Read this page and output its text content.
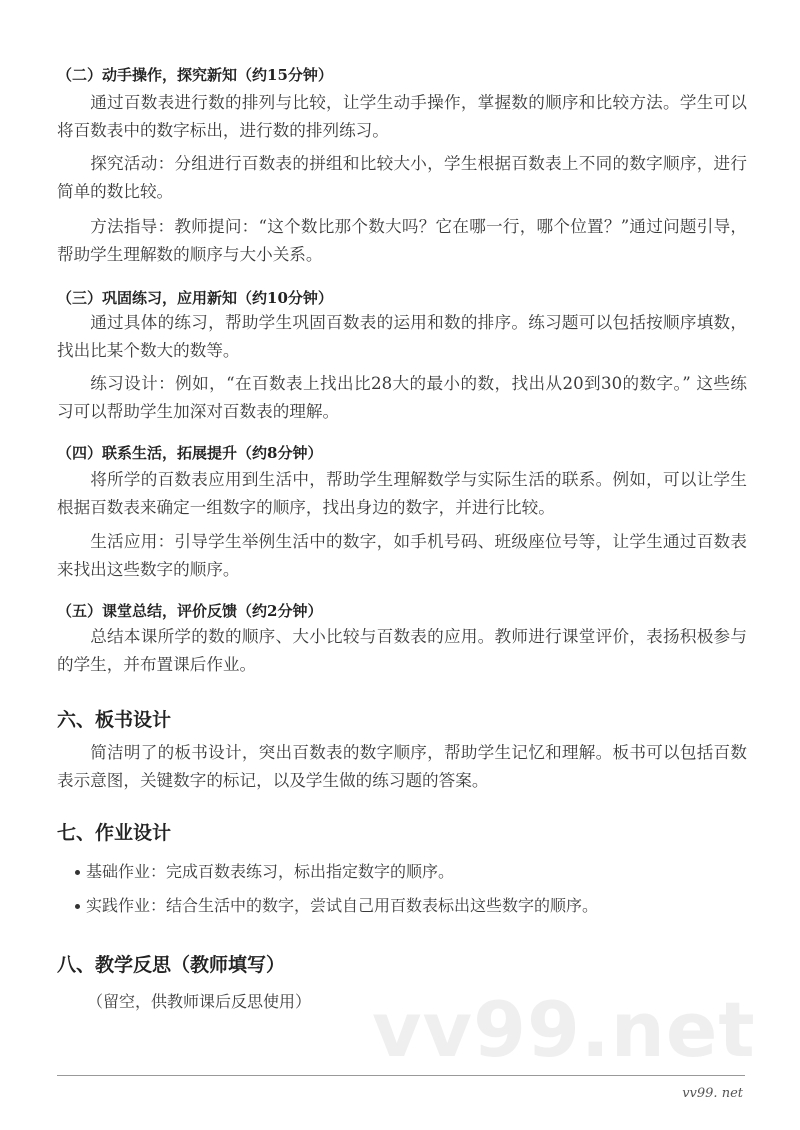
（二）动手操作，探究新知（约15分钟）
通过百数表进行数的排列与比较，让学生动手操作，掌握数的顺序和比较方法。学生可以将百数表中的数字标出，进行数的排列练习。
探究活动：分组进行百数表的拼组和比较大小，学生根据百数表上不同的数字顺序，进行简单的数比较。
方法指导：教师提问：“这个数比那个数大吗？它在哪一行，哪个位置？”通过问题引导，帮助学生理解数的顺序与大小关系。
（三）巩固练习，应用新知（约10分钟）
通过具体的练习，帮助学生巩固百数表的运用和数的排序。练习题可以包括按顺序填数，找出比某个数大的数等。
练习设计：例如，“在百数表上找出比28大的最小的数，找出从20到30的数字。” 这些练习可以帮助学生加深对百数表的理解。
（四）联系生活，拓展提升（约8分钟）
将所学的百数表应用到生活中，帮助学生理解数学与实际生活的联系。例如，可以让学生根据百数表来确定一组数字的顺序，找出身边的数字，并进行比较。
生活应用：引导学生举例生活中的数字，如手机号码、班级座位号等，让学生通过百数表来找出这些数字的顺序。
（五）课堂总结，评价反馈（约2分钟）
总结本课所学的数的顺序、大小比较与百数表的应用。教师进行课堂评价，表扬积极参与的学生，并布置课后作业。
六、板书设计
简洁明了的板书设计，突出百数表的数字顺序，帮助学生记忆和理解。板书可以包括百数表示意图，关键数字的标记，以及学生做的练习题的答案。
七、作业设计
基础作业：完成百数表练习，标出指定数字的顺序。
实践作业：结合生活中的数字，尝试自己用百数表标出这些数字的顺序。
八、教学反思（教师填写）
（留空，供教师课后反思使用） vv99.net
vv99. net
